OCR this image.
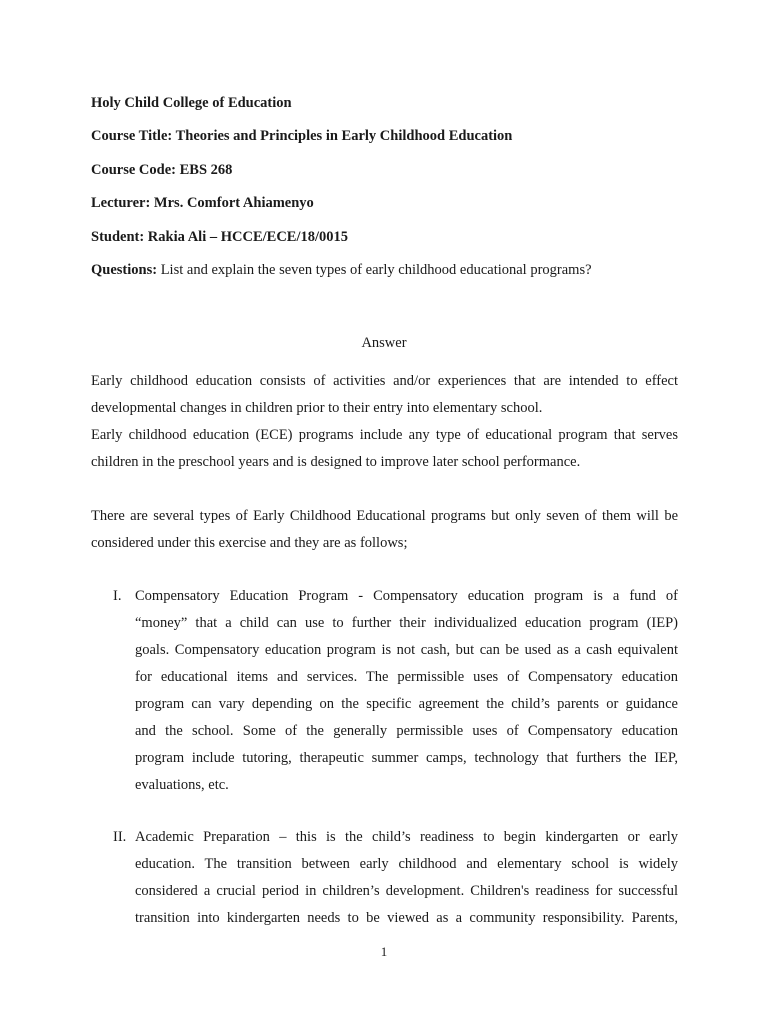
Holy Child College of Education
Course Title: Theories and Principles in Early Childhood Education
Course Code: EBS 268
Lecturer: Mrs. Comfort Ahiamenyo
Student: Rakia Ali – HCCE/ECE/18/0015
Questions: List and explain the seven types of early childhood educational programs?
Answer
Early childhood education consists of activities and/or experiences that are intended to effect
developmental changes in children prior to their entry into elementary school.
Early childhood education (ECE) programs include any type of educational program that serves
children in the preschool years and is designed to improve later school performance.
There are several types of Early Childhood Educational programs but only seven of them will be
considered under this exercise and they are as follows;
I. Compensatory Education Program - Compensatory education program is a fund of
“money” that a child can use to further their individualized education program (IEP)
goals. Compensatory education program is not cash, but can be used as a cash equivalent
for educational items and services. The permissible uses of Compensatory education
program can vary depending on the specific agreement the child’s parents or guidance
and the school. Some of the generally permissible uses of Compensatory education
program include tutoring, therapeutic summer camps, technology that furthers the IEP,
evaluations, etc.
II. Academic Preparation – this is the child’s readiness to begin kindergarten or early
education. The transition between early childhood and elementary school is widely
considered a crucial period in children’s development. Children's readiness for successful
transition into kindergarten needs to be viewed as a community responsibility. Parents,
1
